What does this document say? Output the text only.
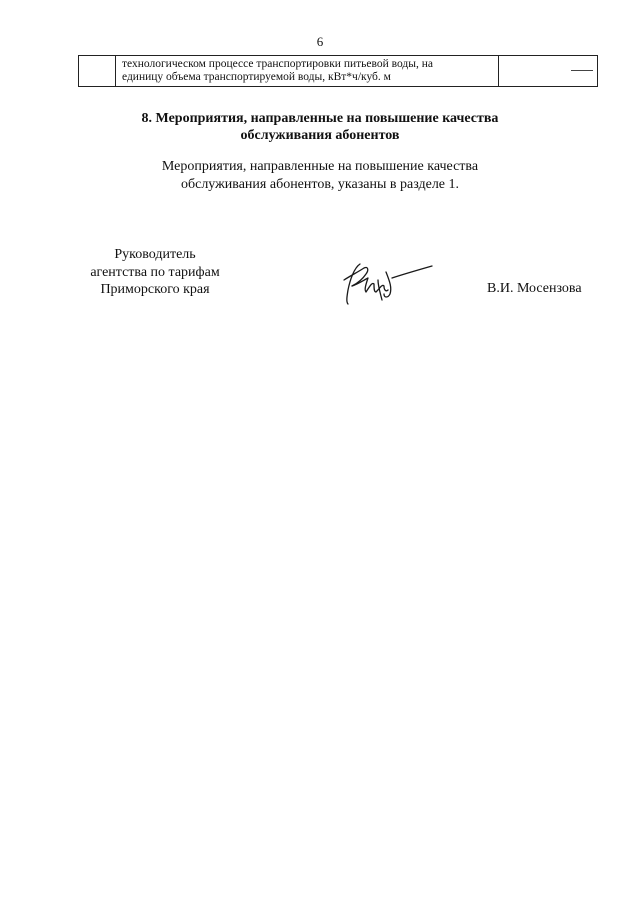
6
	технологическом процессе транспортировки питьевой воды, на
единицу объема транспортируемой воды, кВт*ч/куб. м	
8. Мероприятия, направленные на повышение качества
обслуживания абонентов
Мероприятия, направленные на повышение качества
обслуживания абонентов, указаны в разделе 1.
Руководитель
агентства по тарифам
Приморского края	В.И. Мосензова
